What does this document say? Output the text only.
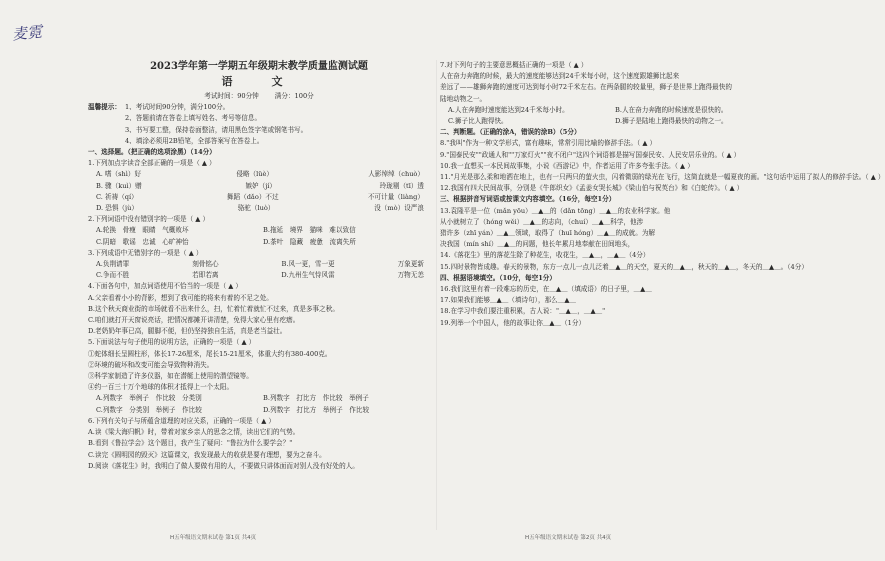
麦霓
2023学年第一学期五年级期末教学质量监测试题
语　文
考试时间：90分钟 满分：100分
温馨提示： 1、考试时间90分钟，满分100分。
2、答题前请在答卷上填写姓名、考号等信息。
3、书写要工整，保持卷面整洁，请用黑色签字笔或钢笔书写。
4、填涂必须用2B铅笔，全部答案写在答卷上。
一、选择题。（把正确的选项涂黑）（14分）
1.下列加点字读音全部正确的一项是（ ▲ ）
A. 嗜（shì）好	侵略（lüè）	人影绰绰（chuò）
B. 骤（kuì）赠	嫉妒（jí）	玲珑剔（tī）透
C. 祈祷（qí）	舞蹈（dǎo）不过	不可计量（liàng）
D. 恐惧（jù）	骆驼（luò）	没（mò）设严浪
2.下列词语中没有错别字的一项是（ ▲ ）
A.轮换　骨瘦　眼睛　气概败坏	B.拖延　境界　猫咪　难以致信
C.阴暗　歌谣　忠诚　心旷神怡	D.茶叶　隐藏　疲惫　流离失所
3.下列成语中无错别字的一项是（ ▲ ）
A.负荆请罪	刻骨铭心	B.风一更，雪一更	万象更新
C.争而不胜	若即若离	D.九州生气恃风雷	万物无恙
4.下面各句中，加点词语使用不恰当的一项是（ ▲ ）
A.父亲看着小小的背影，想到了我可能的将来有着的不足之处。
B.这个秋天商业街的市场就看不出来什么，扫，忙着忙着就忙不过来，真是多事之秋。
C.咱们就打开天窗说亮话，把情况都摊开讲清楚，免得大家心里有疙瘩。
D.老奶奶年事已高，腿脚不便，但仍坚持独自生活，真是老当益壮。
5.下面说法与句子使用的说明方法，正确的一项是（ ▲ ）
①蛇体细长呈圆柱形，体长17-26厘米，尾长15-21厘米，体重大约有380-400克。
②环境的破坏和改变可能会导致物种消失。
③科学家制造了许多仪器，如在潜艇上使用的潜望镜等。
④约一百三十万个地球的体积才抵得上一个太阳。
A.列数字　举例子　作比较　分类别	B.列数字　打比方　作比较　举例子
C.列数字　分类别　举例子　作比较	D.列数字　打比方　举例子　作比较
6.下列有关句子与所蕴含道理的对应关系，正确的一项是（ ▲ ）
A.读《梁大海归帆》时，带着对家乡亲人的思念之情，读出它们的气势。
B.看到《鲁拉学会》这个题目，我产生了疑问："鲁拉为什么要学会？"
C.读完《圆明园的毁灭》这篇课文，我发现最大的收获是要有理想，要为之奋斗。
D.阅读《落花生》时，我明白了做人要做有用的人，不要做只讲体面而对别人没有好处的人。
7.对下列句子的主要意思概括正确的一项是（ ▲ ）
人在奋力奔跑的时候，最大的速度能够达到24千米每小时，这个速度跟雄狮比起来
差远了——雄狮奔跑的速度可达到每小时72千米左右。在两条腿的较量里，狮子是世界上跑得最快的
陆地动物之一。
A.人在奔跑时速度能达到24千米每小时。	B.人在奋力奔跑的时候速度是很快的。
C.狮子比人跑得快。	D.狮子是陆地上跑得最快的动物之一。
二、判断题。（正确的涂A，错误的涂B）（5分）
8."我叫"作为一种文学形式，富有趣味，常常引用比喻的修辞手法。（ ▲ ）
9."国泰民安""政通人和""万家灯火""夜不闭户"这四个词语都是描写国泰民安、人民安居乐业的。（ ▲ ）
10.我一直想买一本民间故事集，小说《西游记》中，作者运用了许多夸张手法。（ ▲ ）
11."月光是那么柔和地洒在地上，也有一只两只的萤火虫，闪着微弱的绿光在飞行，这简直就是一幅夏夜的画。"这句话中运用了拟人的修辞手法。（ ▲ ）
12.我国有四大民间故事，分别是《牛郎织女》《孟姜女哭长城》《梁山伯与祝英台》和《白蛇传》。（ ▲ ）
三、根据拼音写词语或按课文内容填空。（16分，每空1分）
13.袁隆平是一位（mǎn yōu）＿▲＿的（dǎn tōng）＿▲＿的农业科学家。他
从小就树立了（hóng wěi）＿▲＿的志向，（chuí）＿▲＿科学，他涉
猎许多（zhī yán）＿▲＿领域，取得了（huī hóng）＿▲＿的成就。为解
决我国（mín shí）＿▲＿的问题，他长年累月地奉献在田间地头，
14.《落花生》里的落花生除了种花生，收花生，＿▲＿，＿▲＿（4分）
15.四时景物皆成趣。春天的景物，东方一点儿一点儿泛着＿▲＿的天空，夏天的＿▲＿，秋天的＿▲＿，冬天的＿▲＿。（4分）
四、根据语境填空。（10分，每空1分）
16.我们这里有着一段难忘的历史，在＿▲＿（填成语）的日子里，＿▲＿
17.如果我们能够＿▲＿（填诗句），那么＿▲＿
18.在学习中我们要注重积累，古人说："＿▲＿，＿▲＿"
19.列举一个中国人，他的故事让你＿▲＿（1分）
H五年级语文期末试卷 第1页 共4页	H五年级语文期末试卷 第2页 共4页
